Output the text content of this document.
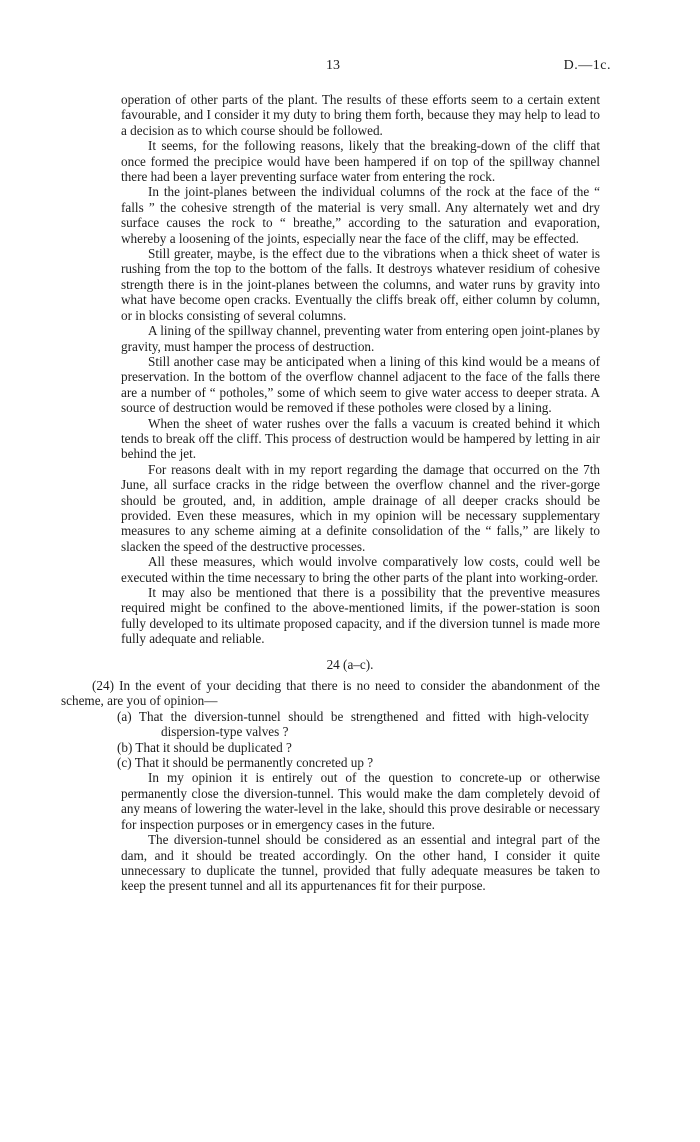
13	D.—1c.

operation of other parts of the plant. The results of these efforts seem to a certain extent favourable, and I consider it my duty to bring them forth, because they may help to lead to a decision as to which course should be followed.

It seems, for the following reasons, likely that the breaking-down of the cliff that once formed the precipice would have been hampered if on top of the spillway channel there had been a layer preventing surface water from entering the rock.

In the joint-planes between the individual columns of the rock at the face of the “ falls ” the cohesive strength of the material is very small. Any alternately wet and dry surface causes the rock to “ breathe,” according to the saturation and evaporation, whereby a loosening of the joints, especially near the face of the cliff, may be effected.

Still greater, maybe, is the effect due to the vibrations when a thick sheet of water is rushing from the top to the bottom of the falls. It destroys whatever residium of cohesive strength there is in the joint-planes between the columns, and water runs by gravity into what have become open cracks. Eventually the cliffs break off, either column by column, or in blocks consisting of several columns.

A lining of the spillway channel, preventing water from entering open joint-planes by gravity, must hamper the process of destruction.

Still another case may be anticipated when a lining of this kind would be a means of preservation. In the bottom of the overflow channel adjacent to the face of the falls there are a number of “ potholes,” some of which seem to give water access to deeper strata. A source of destruction would be removed if these potholes were closed by a lining.

When the sheet of water rushes over the falls a vacuum is created behind it which tends to break off the cliff. This process of destruction would be hampered by letting in air behind the jet.

For reasons dealt with in my report regarding the damage that occurred on the 7th June, all surface cracks in the ridge between the overflow channel and the river-gorge should be grouted, and, in addition, ample drainage of all deeper cracks should be provided. Even these measures, which in my opinion will be necessary supplementary measures to any scheme aiming at a definite consolidation of the “ falls,” are likely to slacken the speed of the destructive processes.

All these measures, which would involve comparatively low costs, could well be executed within the time necessary to bring the other parts of the plant into working-order.

It may also be mentioned that there is a possibility that the preventive measures required might be confined to the above-mentioned limits, if the power-station is soon fully developed to its ultimate proposed capacity, and if the diversion tunnel is made more fully adequate and reliable.

24 (a–c).

(24) In the event of your deciding that there is no need to consider the abandonment of the scheme, are you of opinion—

(a) That the diversion-tunnel should be strengthened and fitted with high-velocity dispersion-type valves ?

(b) That it should be duplicated ?

(c) That it should be permanently concreted up ?

In my opinion it is entirely out of the question to concrete-up or otherwise permanently close the diversion-tunnel. This would make the dam completely devoid of any means of lowering the water-level in the lake, should this prove desirable or necessary for inspection purposes or in emergency cases in the future.

The diversion-tunnel should be considered as an essential and integral part of the dam, and it should be treated accordingly. On the other hand, I consider it quite unnecessary to duplicate the tunnel, provided that fully adequate measures be taken to keep the present tunnel and all its appurtenances fit for their purpose.
